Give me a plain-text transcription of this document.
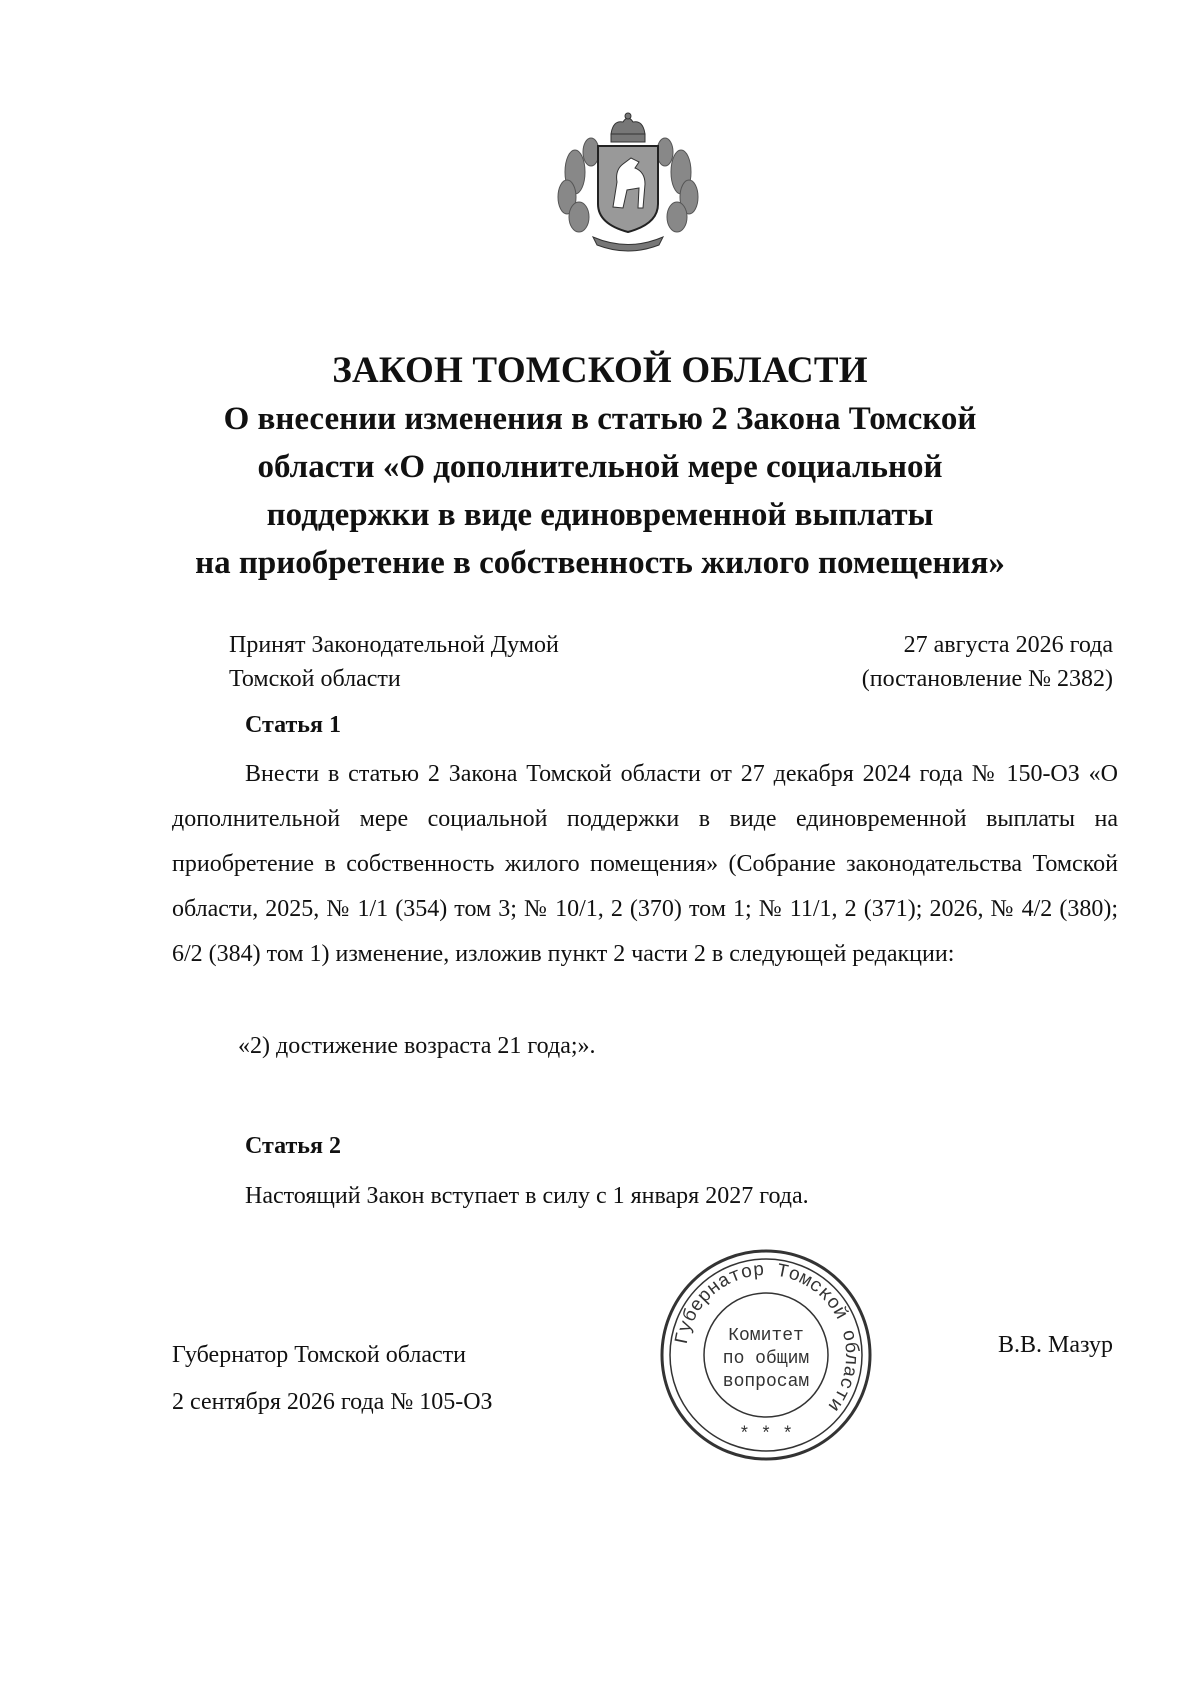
ЗАКОН ТОМСКОЙ ОБЛАСТИ

О внесении изменения в статью 2 Закона Томской

области «О дополнительной мере социальной

поддержки в виде единовременной выплаты

на приобретение в собственность жилого помещения»

Принят Законодательной Думой
Томской области
27 августа 2026 года
(постановление № 2382)
Статья 1

Внести в статью 2 Закона Томской области от 27 декабря 2024 года № 150-ОЗ «О дополнительной мере социальной поддержки в виде единовременной выплаты на приобретение в собственность жилого помещения» (Собрание законодательства Томской области, 2025, № 1/1 (354) том 3; № 10/1, 2 (370) том 1; № 11/1, 2 (371); 2026, № 4/2 (380); 6/2 (384) том 1) изменение, изложив пункт 2 части 2 в следующей редакции:

«2) достижение возраста 21 года;».
Статья 2
Настоящий Закон вступает в силу с 1 января 2027 года.
Губернатор Томской области
2 сентября 2026 года № 105-ОЗ
В.В. Мазур
Губернатор Томской области
Комитет
по общим
вопросам
* * *
